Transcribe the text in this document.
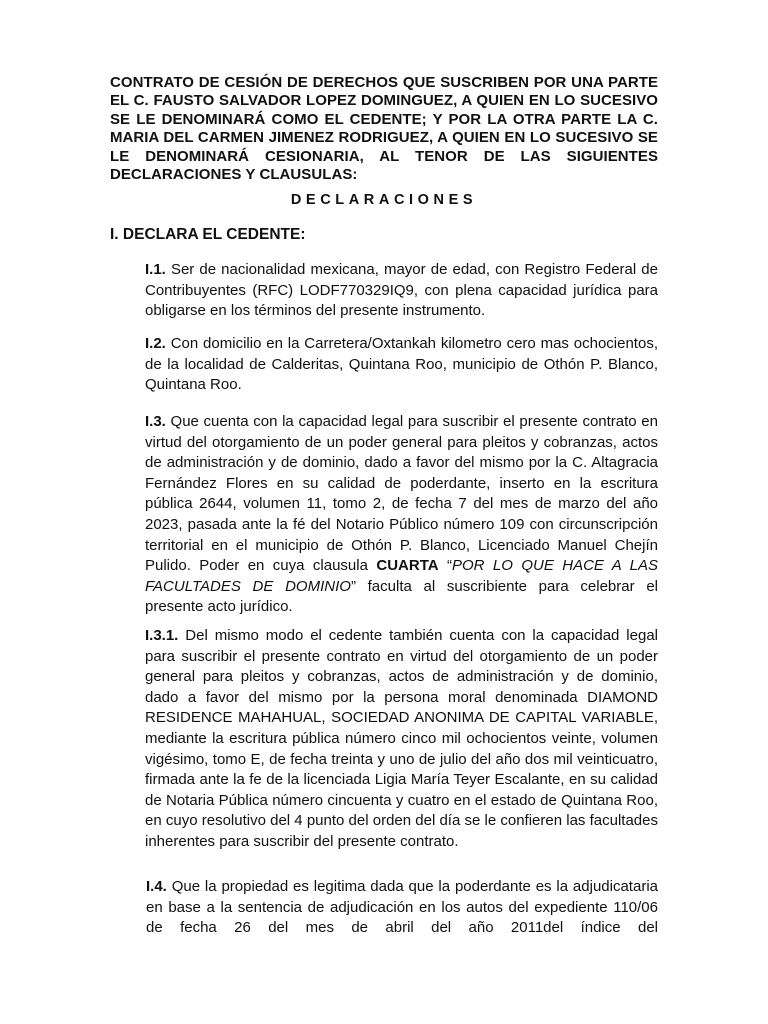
CONTRATO DE CESIÓN DE DERECHOS QUE SUSCRIBEN POR UNA PARTE EL C. FAUSTO SALVADOR LOPEZ DOMINGUEZ, A QUIEN EN LO SUCESIVO SE LE DENOMINARÁ COMO EL CEDENTE; Y POR LA OTRA PARTE LA C. MARIA DEL CARMEN JIMENEZ RODRIGUEZ, A QUIEN EN LO SUCESIVO SE LE DENOMINARÁ CESIONARIA, AL TENOR DE LAS SIGUIENTES DECLARACIONES Y CLAUSULAS:
DECLARACIONES
I. DECLARA EL CEDENTE:
I.1. Ser de nacionalidad mexicana, mayor de edad, con Registro Federal de Contribuyentes (RFC) LODF770329IQ9, con plena capacidad jurídica para obligarse en los términos del presente instrumento.
I.2. Con domicilio en la Carretera/Oxtankah kilometro cero mas ochocientos, de la localidad de Calderitas, Quintana Roo, municipio de Othón P. Blanco, Quintana Roo.
I.3. Que cuenta con la capacidad legal para suscribir el presente contrato en virtud del otorgamiento de un poder general para pleitos y cobranzas, actos de administración y de dominio, dado a favor del mismo por la C. Altagracia Fernández Flores en su calidad de poderdante, inserto en la escritura pública 2644, volumen 11, tomo 2, de fecha 7 del mes de marzo del año 2023, pasada ante la fé del Notario Público número 109 con circunscripción territorial en el municipio de Othón P. Blanco, Licenciado Manuel Chejín Pulido. Poder en cuya clausula CUARTA “POR LO QUE HACE A LAS FACULTADES DE DOMINIO” faculta al suscribiente para celebrar el presente acto jurídico.
I.3.1. Del mismo modo el cedente también cuenta con la capacidad legal para suscribir el presente contrato en virtud del otorgamiento de un poder general para pleitos y cobranzas, actos de administración y de dominio, dado a favor del mismo por la persona moral denominada DIAMOND RESIDENCE MAHAHUAL, SOCIEDAD ANONIMA DE CAPITAL VARIABLE, mediante la escritura pública número cinco mil ochocientos veinte, volumen vigésimo, tomo E, de fecha treinta y uno de julio del año dos mil veinticuatro, firmada ante la fe de la licenciada Ligia María Teyer Escalante, en su calidad de Notaria Pública número cincuenta y cuatro en el estado de Quintana Roo, en cuyo resolutivo del 4 punto del orden del día se le confieren las facultades inherentes para suscribir del presente contrato.
I.4. Que la propiedad es legitima dada que la poderdante es la adjudicataria en base a la sentencia de adjudicación en los autos del expediente 110/06 de fecha 26 del mes de abril del año 2011del índice del
